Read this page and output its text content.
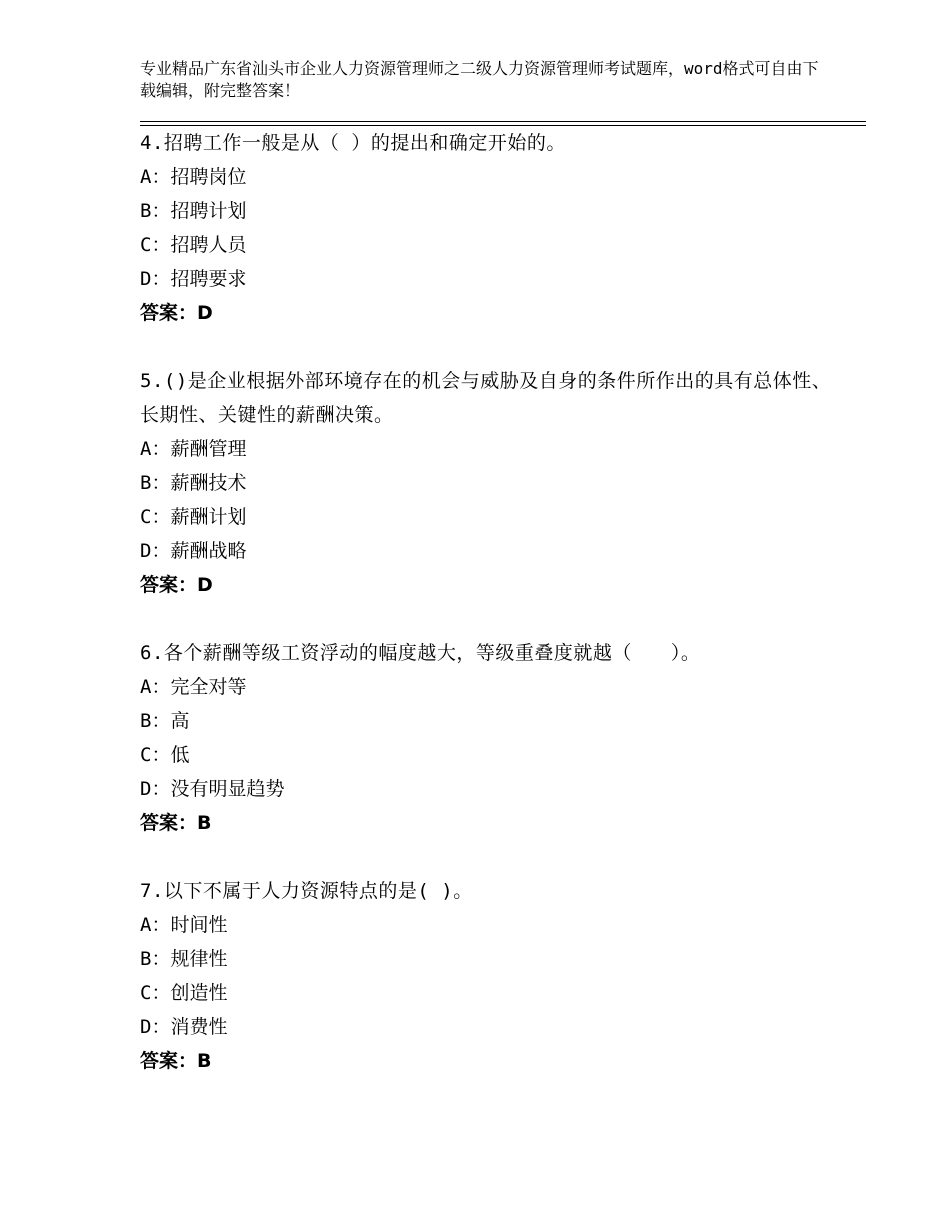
专业精品广东省汕头市企业人力资源管理师之二级人力资源管理师考试题库，word格式可自由下载编辑，附完整答案！
4.招聘工作一般是从（ ）的提出和确定开始的。
A：招聘岗位
B：招聘计划
C：招聘人员
D：招聘要求
答案：D
5.()是企业根据外部环境存在的机会与威胁及自身的条件所作出的具有总体性、长期性、关键性的薪酬决策。
A：薪酬管理
B：薪酬技术
C：薪酬计划
D：薪酬战略
答案：D
6.各个薪酬等级工资浮动的幅度越大，等级重叠度就越（　　）。
A：完全对等
B：高
C：低
D：没有明显趋势
答案：B
7.以下不属于人力资源特点的是( )。
A：时间性
B：规律性
C：创造性
D：消费性
答案：B
